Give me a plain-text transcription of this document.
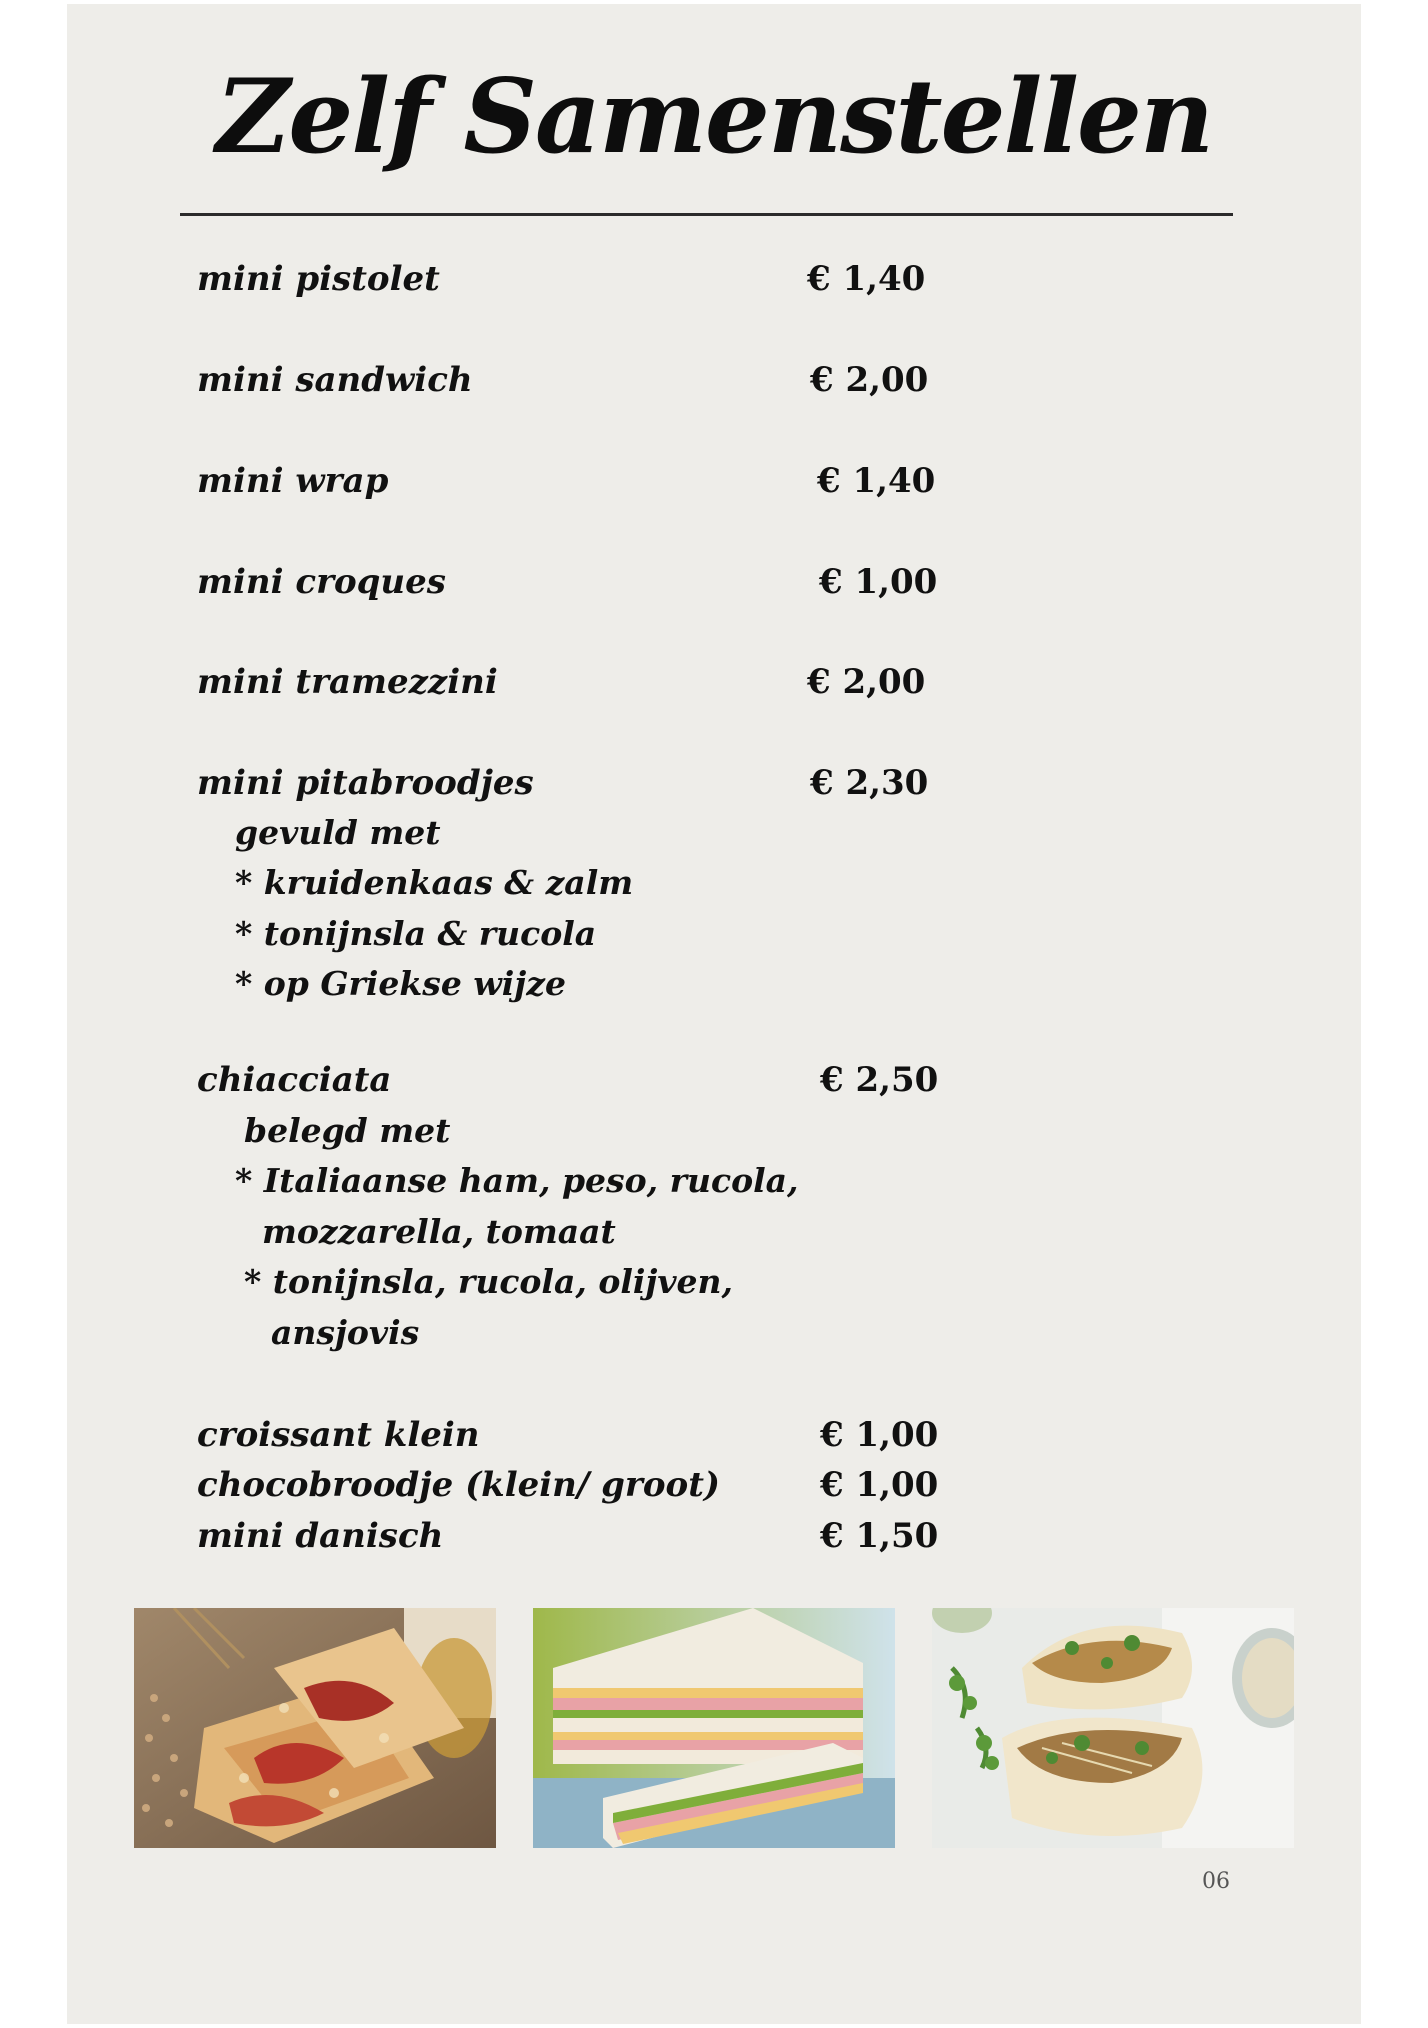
Zelf Samenstellen
mini pistolet	€ 1,40
mini sandwich	€ 2,00
mini wrap	€ 1,40
mini croques	€ 1,00
mini tramezzini	€ 2,00
mini pitabroodjes	€ 2,30
gevuld met
* kruidenkaas & zalm
* tonijnsla & rucola
* op Griekse wijze
chiacciata	€ 2,50
belegd met
* Italiaanse ham, peso, rucola,
mozzarella, tomaat
* tonijnsla, rucola, olijven,
ansjovis
croissant klein	€ 1,00
chocobroodje (klein/ groot)	€ 1,00
mini danisch	€ 1,50
06
